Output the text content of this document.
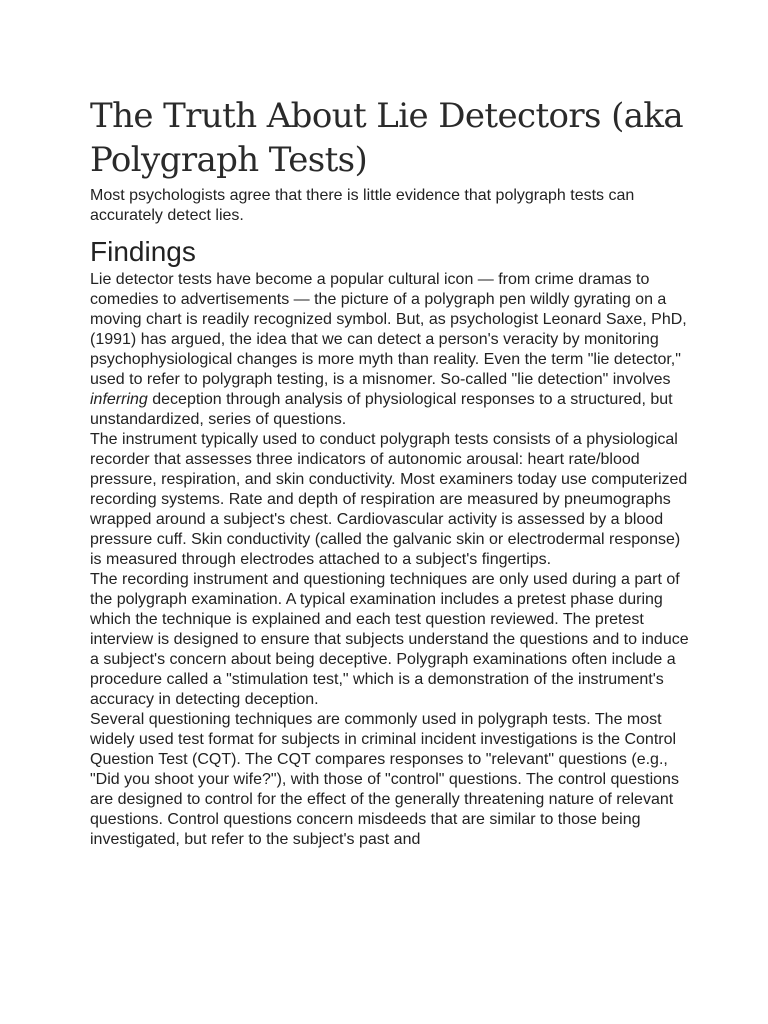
The Truth About Lie Detectors (aka Polygraph Tests)

Most psychologists agree that there is little evidence that polygraph tests can accurately detect lies.

Findings

Lie detector tests have become a popular cultural icon — from crime dramas to comedies to advertisements — the picture of a polygraph pen wildly gyrating on a moving chart is readily recognized symbol. But, as psychologist Leonard Saxe, PhD, (1991) has argued, the idea that we can detect a person's veracity by monitoring psychophysiological changes is more myth than reality. Even the term "lie detector," used to refer to polygraph testing, is a misnomer. So-called "lie detection" involves inferring deception through analysis of physiological responses to a structured, but unstandardized, series of questions.

The instrument typically used to conduct polygraph tests consists of a physiological recorder that assesses three indicators of autonomic arousal: heart rate/blood pressure, respiration, and skin conductivity. Most examiners today use computerized recording systems. Rate and depth of respiration are measured by pneumographs wrapped around a subject's chest. Cardiovascular activity is assessed by a blood pressure cuff. Skin conductivity (called the galvanic skin or electrodermal response) is measured through electrodes attached to a subject's fingertips.

The recording instrument and questioning techniques are only used during a part of the polygraph examination. A typical examination includes a pretest phase during which the technique is explained and each test question reviewed. The pretest interview is designed to ensure that subjects understand the questions and to induce a subject's concern about being deceptive. Polygraph examinations often include a procedure called a "stimulation test," which is a demonstration of the instrument's accuracy in detecting deception.

Several questioning techniques are commonly used in polygraph tests. The most widely used test format for subjects in criminal incident investigations is the Control Question Test (CQT). The CQT compares responses to "relevant" questions (e.g., "Did you shoot your wife?"), with those of "control" questions. The control questions are designed to control for the effect of the generally threatening nature of relevant questions. Control questions concern misdeeds that are similar to those being investigated, but refer to the subject's past and
